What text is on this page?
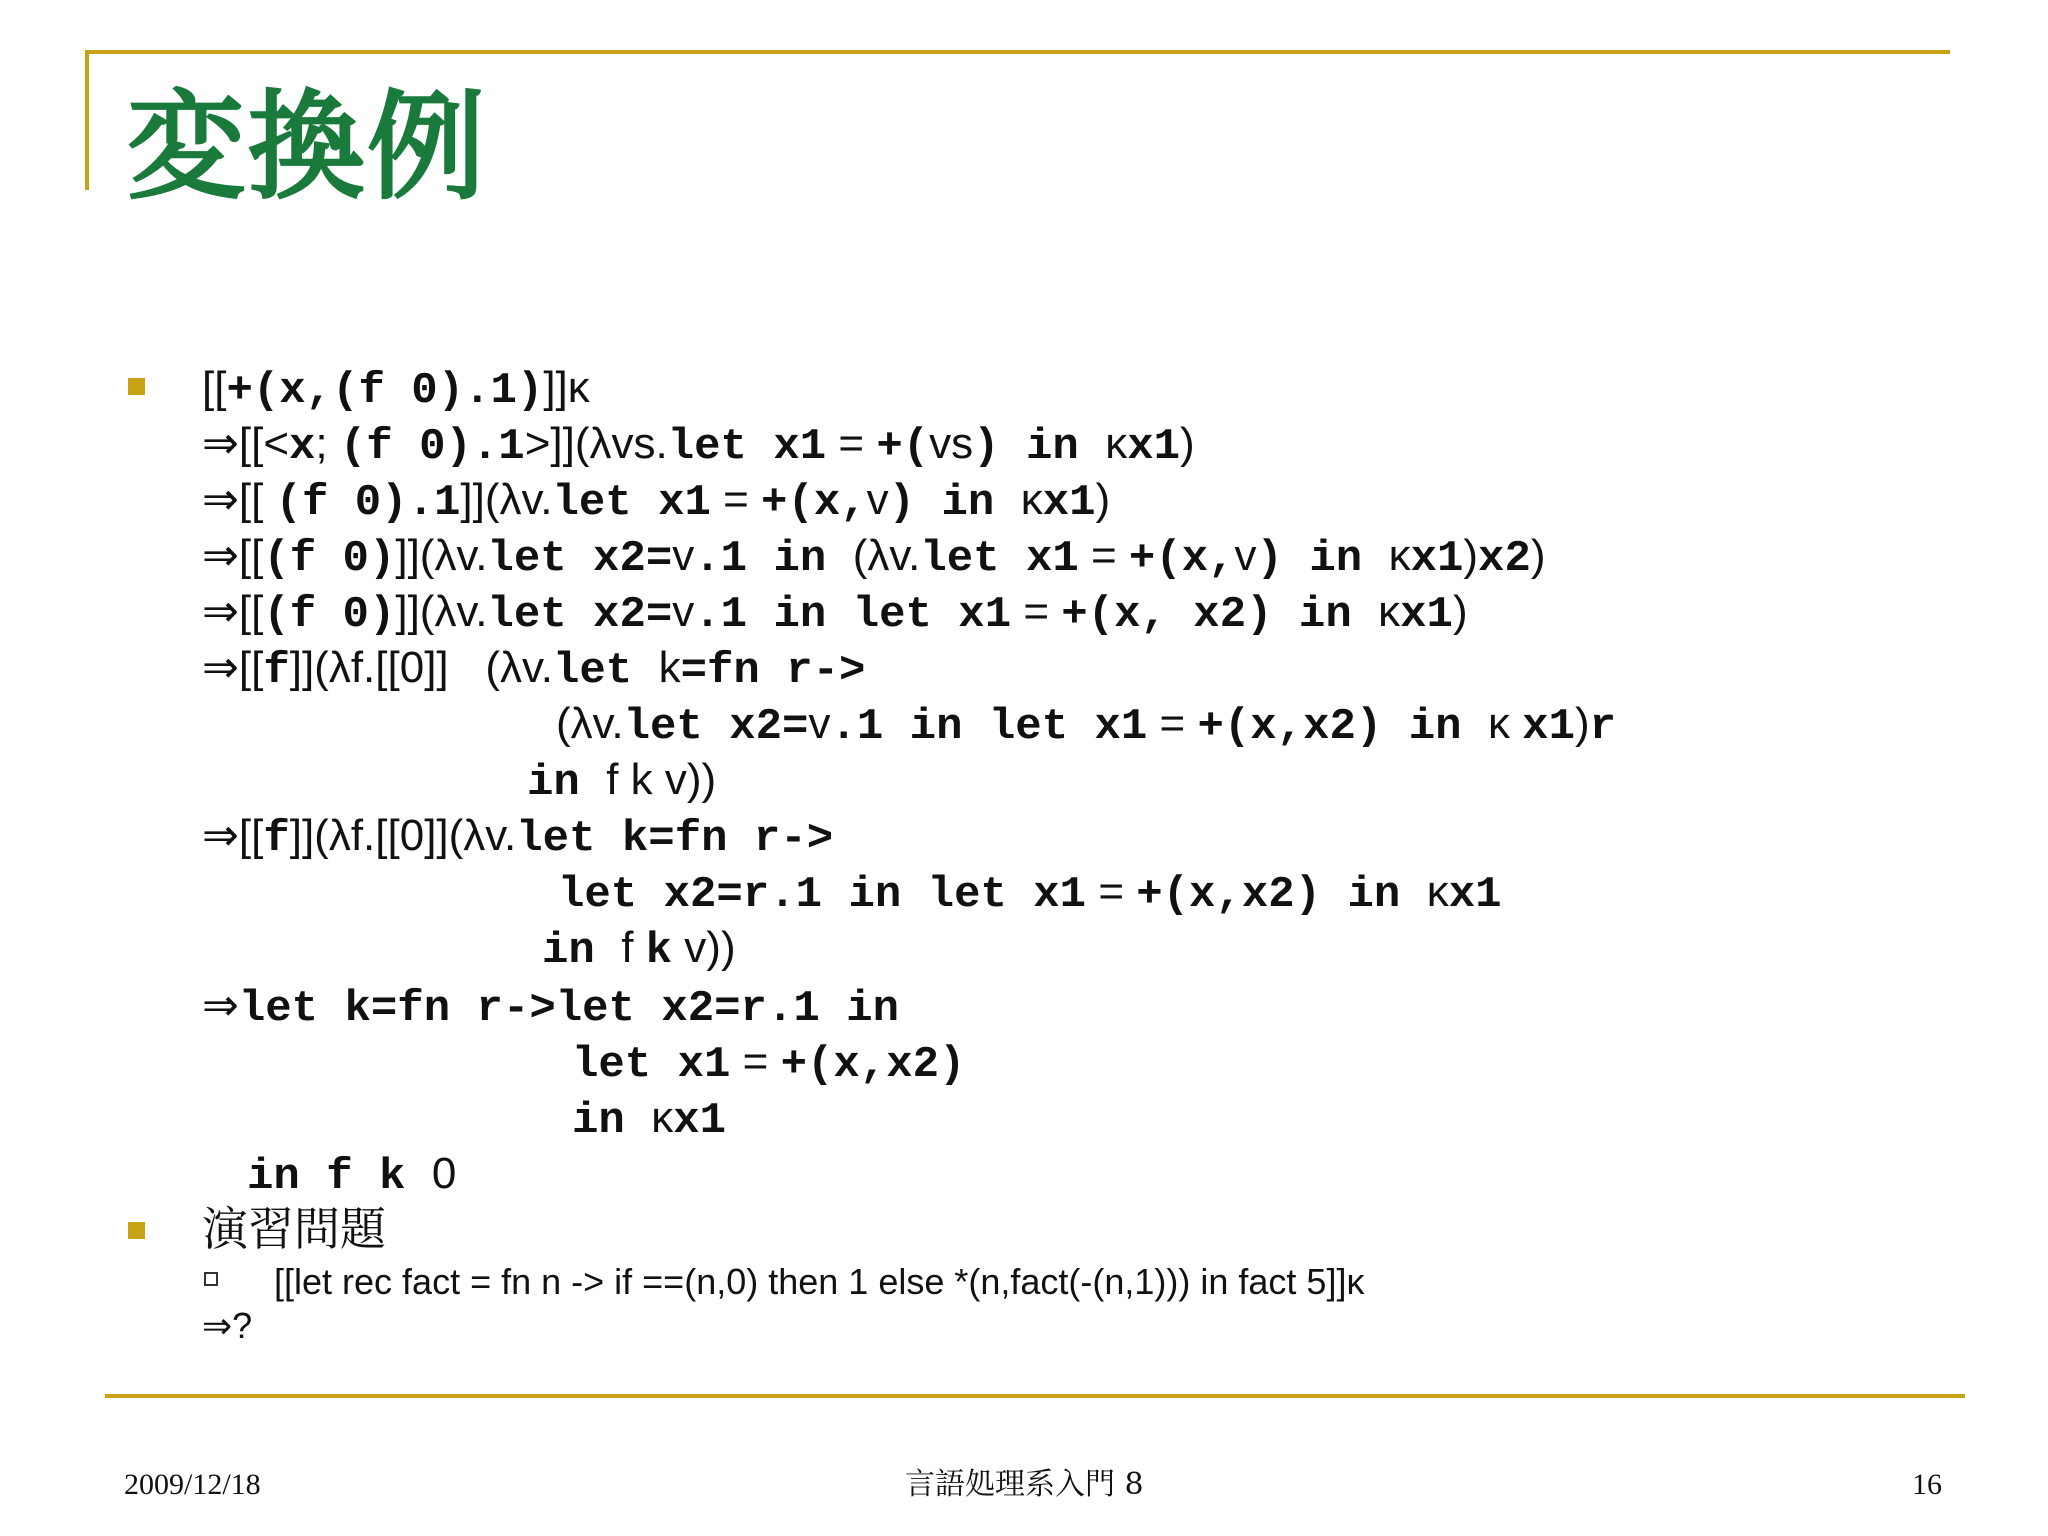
変換例
[[+(x,(f 0).1)]]κ
⇒[[<x; (f 0).1>]](λvs.let x1 = +(vs) in κx1)
⇒[[ (f 0).1]](λv.let x1 = +(x,v) in κx1)
⇒[[(f 0)]](λv.let x2=v.1 in (λv.let x1 = +(x,v) in κx1)x2)
⇒[[(f 0)]](λv.let x2=v.1 in let x1 = +(x, x2) in κx1)
⇒[[f]](λf.[[0]]   (λv.let k=fn r->
(λv.let x2=v.1 in let x1 = +(x,x2) in κ x1)r
in f k v))
⇒[[f]](λf.[[0]](λv.let k=fn r->
let x2=r.1 in let x1 = +(x,x2) in κx1
in f k v))
⇒let k=fn r->let x2=r.1 in
let x1 = +(x,x2)
in κx1
in f k 0
演習問題
[[let rec fact = fn n -> if ==(n,0) then 1 else *(n,fact(-(n,1))) in fact 5]]κ
⇒?
2009/12/18	言語処理系入門 8	16
